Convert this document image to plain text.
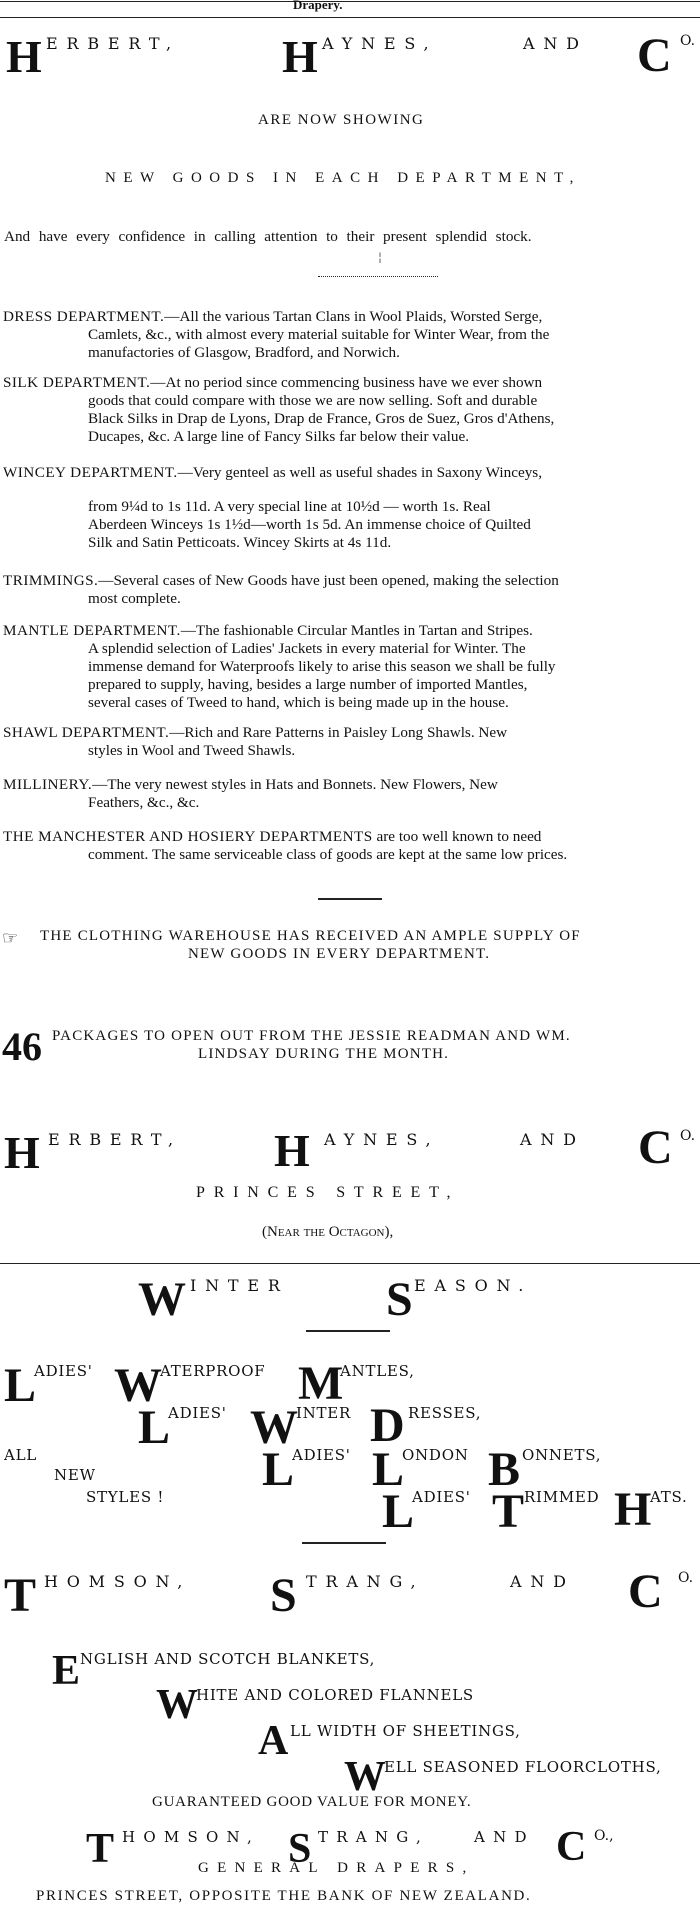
Drapery.
H ERBERT, H AYNES,	AND C O.
ARE NOW SHOWING
NEW GOODS IN EACH DEPARTMENT,
And have every confidence in calling attention to their present splendid stock.
¦
DRESS DEPARTMENT.—All the various Tartan Clans in Wool Plaids, Worsted Serge,
Camlets, &c., with almost every material suitable for Winter Wear, from the
manufactories of Glasgow, Bradford, and Norwich.
SILK DEPARTMENT.—At no period since commencing business have we ever shown
goods that could compare with those we are now selling. Soft and durable
Black Silks in Drap de Lyons, Drap de France, Gros de Suez, Gros d'Athens,
Ducapes, &c. A large line of Fancy Silks far below their value.
WINCEY DEPARTMENT.—Very genteel as well as useful shades in Saxony Winceys,
from 9¼d to 1s 11d. A very special line at 10½d — worth 1s. Real
Aberdeen Winceys 1s 1½d—worth 1s 5d. An immense choice of Quilted
Silk and Satin Petticoats. Wincey Skirts at 4s 11d.
TRIMMINGS.—Several cases of New Goods have just been opened, making the selection
most complete.
MANTLE DEPARTMENT.—The fashionable Circular Mantles in Tartan and Stripes.
A splendid selection of Ladies' Jackets in every material for Winter. The
immense demand for Waterproofs likely to arise this season we shall be fully
prepared to supply, having, besides a large number of imported Mantles,
several cases of Tweed to hand, which is being made up in the house.
SHAWL DEPARTMENT.—Rich and Rare Patterns in Paisley Long Shawls. New
styles in Wool and Tweed Shawls.
MILLINERY.—The very newest styles in Hats and Bonnets. New Flowers, New
Feathers, &c., &c.
THE MANCHESTER AND HOSIERY DEPARTMENTS are too well known to need
comment. The same serviceable class of goods are kept at the same low prices.
☞ THE CLOTHING WAREHOUSE HAS RECEIVED AN AMPLE SUPPLY OF
NEW GOODS IN EVERY DEPARTMENT.
46 PACKAGES TO OPEN OUT FROM THE JESSIE READMAN AND WM.
LINDSAY DURING THE MONTH.
H ERBERT, H AYNES,	AND C O.
PRINCES STREET,
(Near the Octagon),
W INTER S EASON.
L
ADIES' W
ATERPROOF M
ANTLES,
L
ADIES' W
INTER D RESSES,
ALL
NEW
STYLES !
L
ADIES' L
ONDON B ONNETS,
L
ADIES' T RIMMED H
ATS.
T HOMSON, S TRANG,	AND C O.
E NGLISH AND SCOTCH BLANKETS,
W
HITE AND COLORED FLANNELS
A LL WIDTH OF SHEETINGS,
W
ELL SEASONED FLOORCLOTHS,
GUARANTEED GOOD VALUE FOR MONEY.
T HOMSON, S TRANG,	AND C O.,
GENERAL DRAPERS,
PRINCES STREET, OPPOSITE THE BANK OF NEW ZEALAND.
